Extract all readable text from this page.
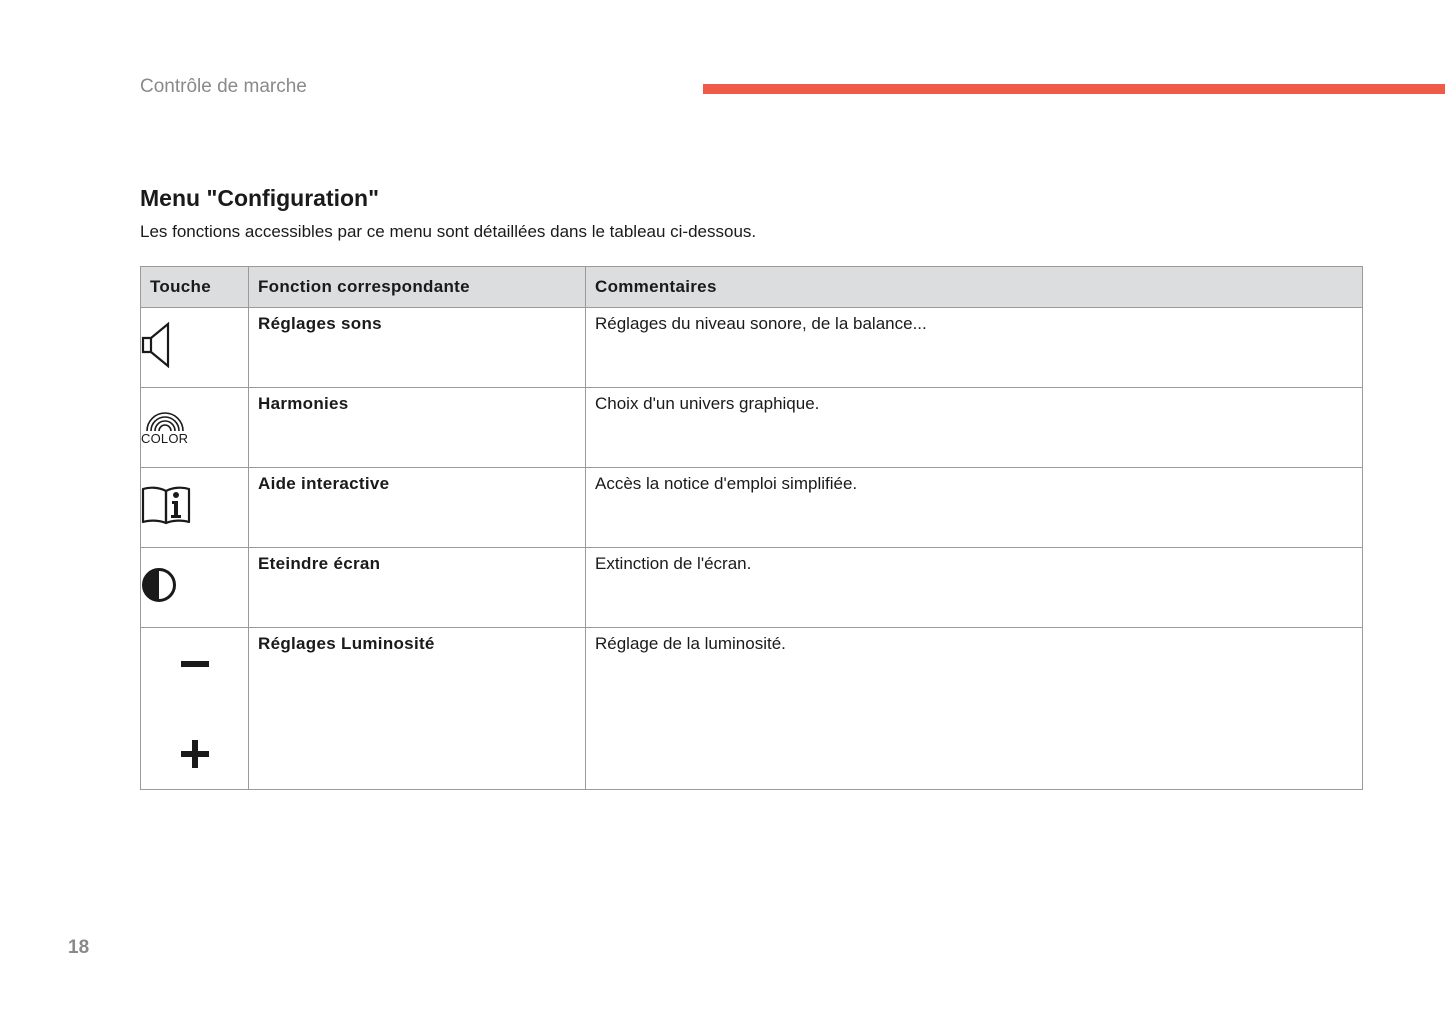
Contrôle de marche
Menu "Configuration"

Les fonctions accessibles par ce menu sont détaillées dans le tableau ci-dessous.

Touche	Fonction correspondante	Commentaires
	Réglages sons	Réglages du niveau sonore, de la balance...

COLOR	Harmonies	Choix d'un univers graphique.
	Aide interactive	Accès la notice d'emploi simplifiée.
	Eteindre écran	Extinction de l'écran.

	Réglages Luminosité	Réglage de la luminosité.

18
